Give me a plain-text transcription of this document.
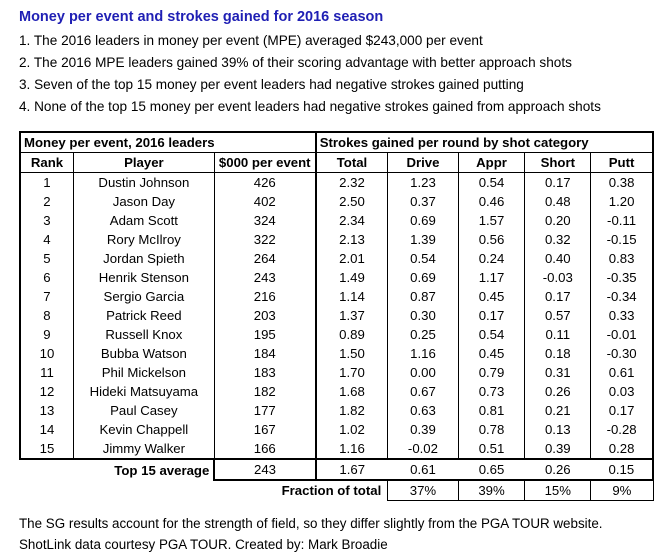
Money per event and strokes gained for 2016 season
1. The 2016 leaders in money per event (MPE) averaged $243,000 per event
2. The 2016 MPE leaders gained 39% of their scoring advantage with better approach shots
3. Seven of the top 15 money per event leaders had negative strokes gained putting
4. None of the top 15 money per event leaders had negative strokes gained from approach shots
Money per event, 2016 leaders			Strokes gained per round by shot category				
Rank	Player	$000 per event	Total	Drive	Appr	Short	Putt
1	Dustin Johnson	426	2.32	1.23	0.54	0.17	0.38
2	Jason Day	402	2.50	0.37	0.46	0.48	1.20
3	Adam Scott	324	2.34	0.69	1.57	0.20	-0.11
4	Rory McIlroy	322	2.13	1.39	0.56	0.32	-0.15
5	Jordan Spieth	264	2.01	0.54	0.24	0.40	0.83
6	Henrik Stenson	243	1.49	0.69	1.17	-0.03	-0.35
7	Sergio Garcia	216	1.14	0.87	0.45	0.17	-0.34
8	Patrick Reed	203	1.37	0.30	0.17	0.57	0.33
9	Russell Knox	195	0.89	0.25	0.54	0.11	-0.01
10	Bubba Watson	184	1.50	1.16	0.45	0.18	-0.30
11	Phil Mickelson	183	1.70	0.00	0.79	0.31	0.61
12	Hideki Matsuyama	182	1.68	0.67	0.73	0.26	0.03
13	Paul Casey	177	1.82	0.63	0.81	0.21	0.17
14	Kevin Chappell	167	1.02	0.39	0.78	0.13	-0.28
15	Jimmy Walker	166	1.16	-0.02	0.51	0.39	0.28
Top 15 average		243	1.67	0.61	0.65	0.26	0.15
Fraction of total				37%	39%	15%	9%
The SG results account for the strength of field, so they differ slightly from the PGA TOUR website.
ShotLink data courtesy PGA TOUR. Created by: Mark Broadie
